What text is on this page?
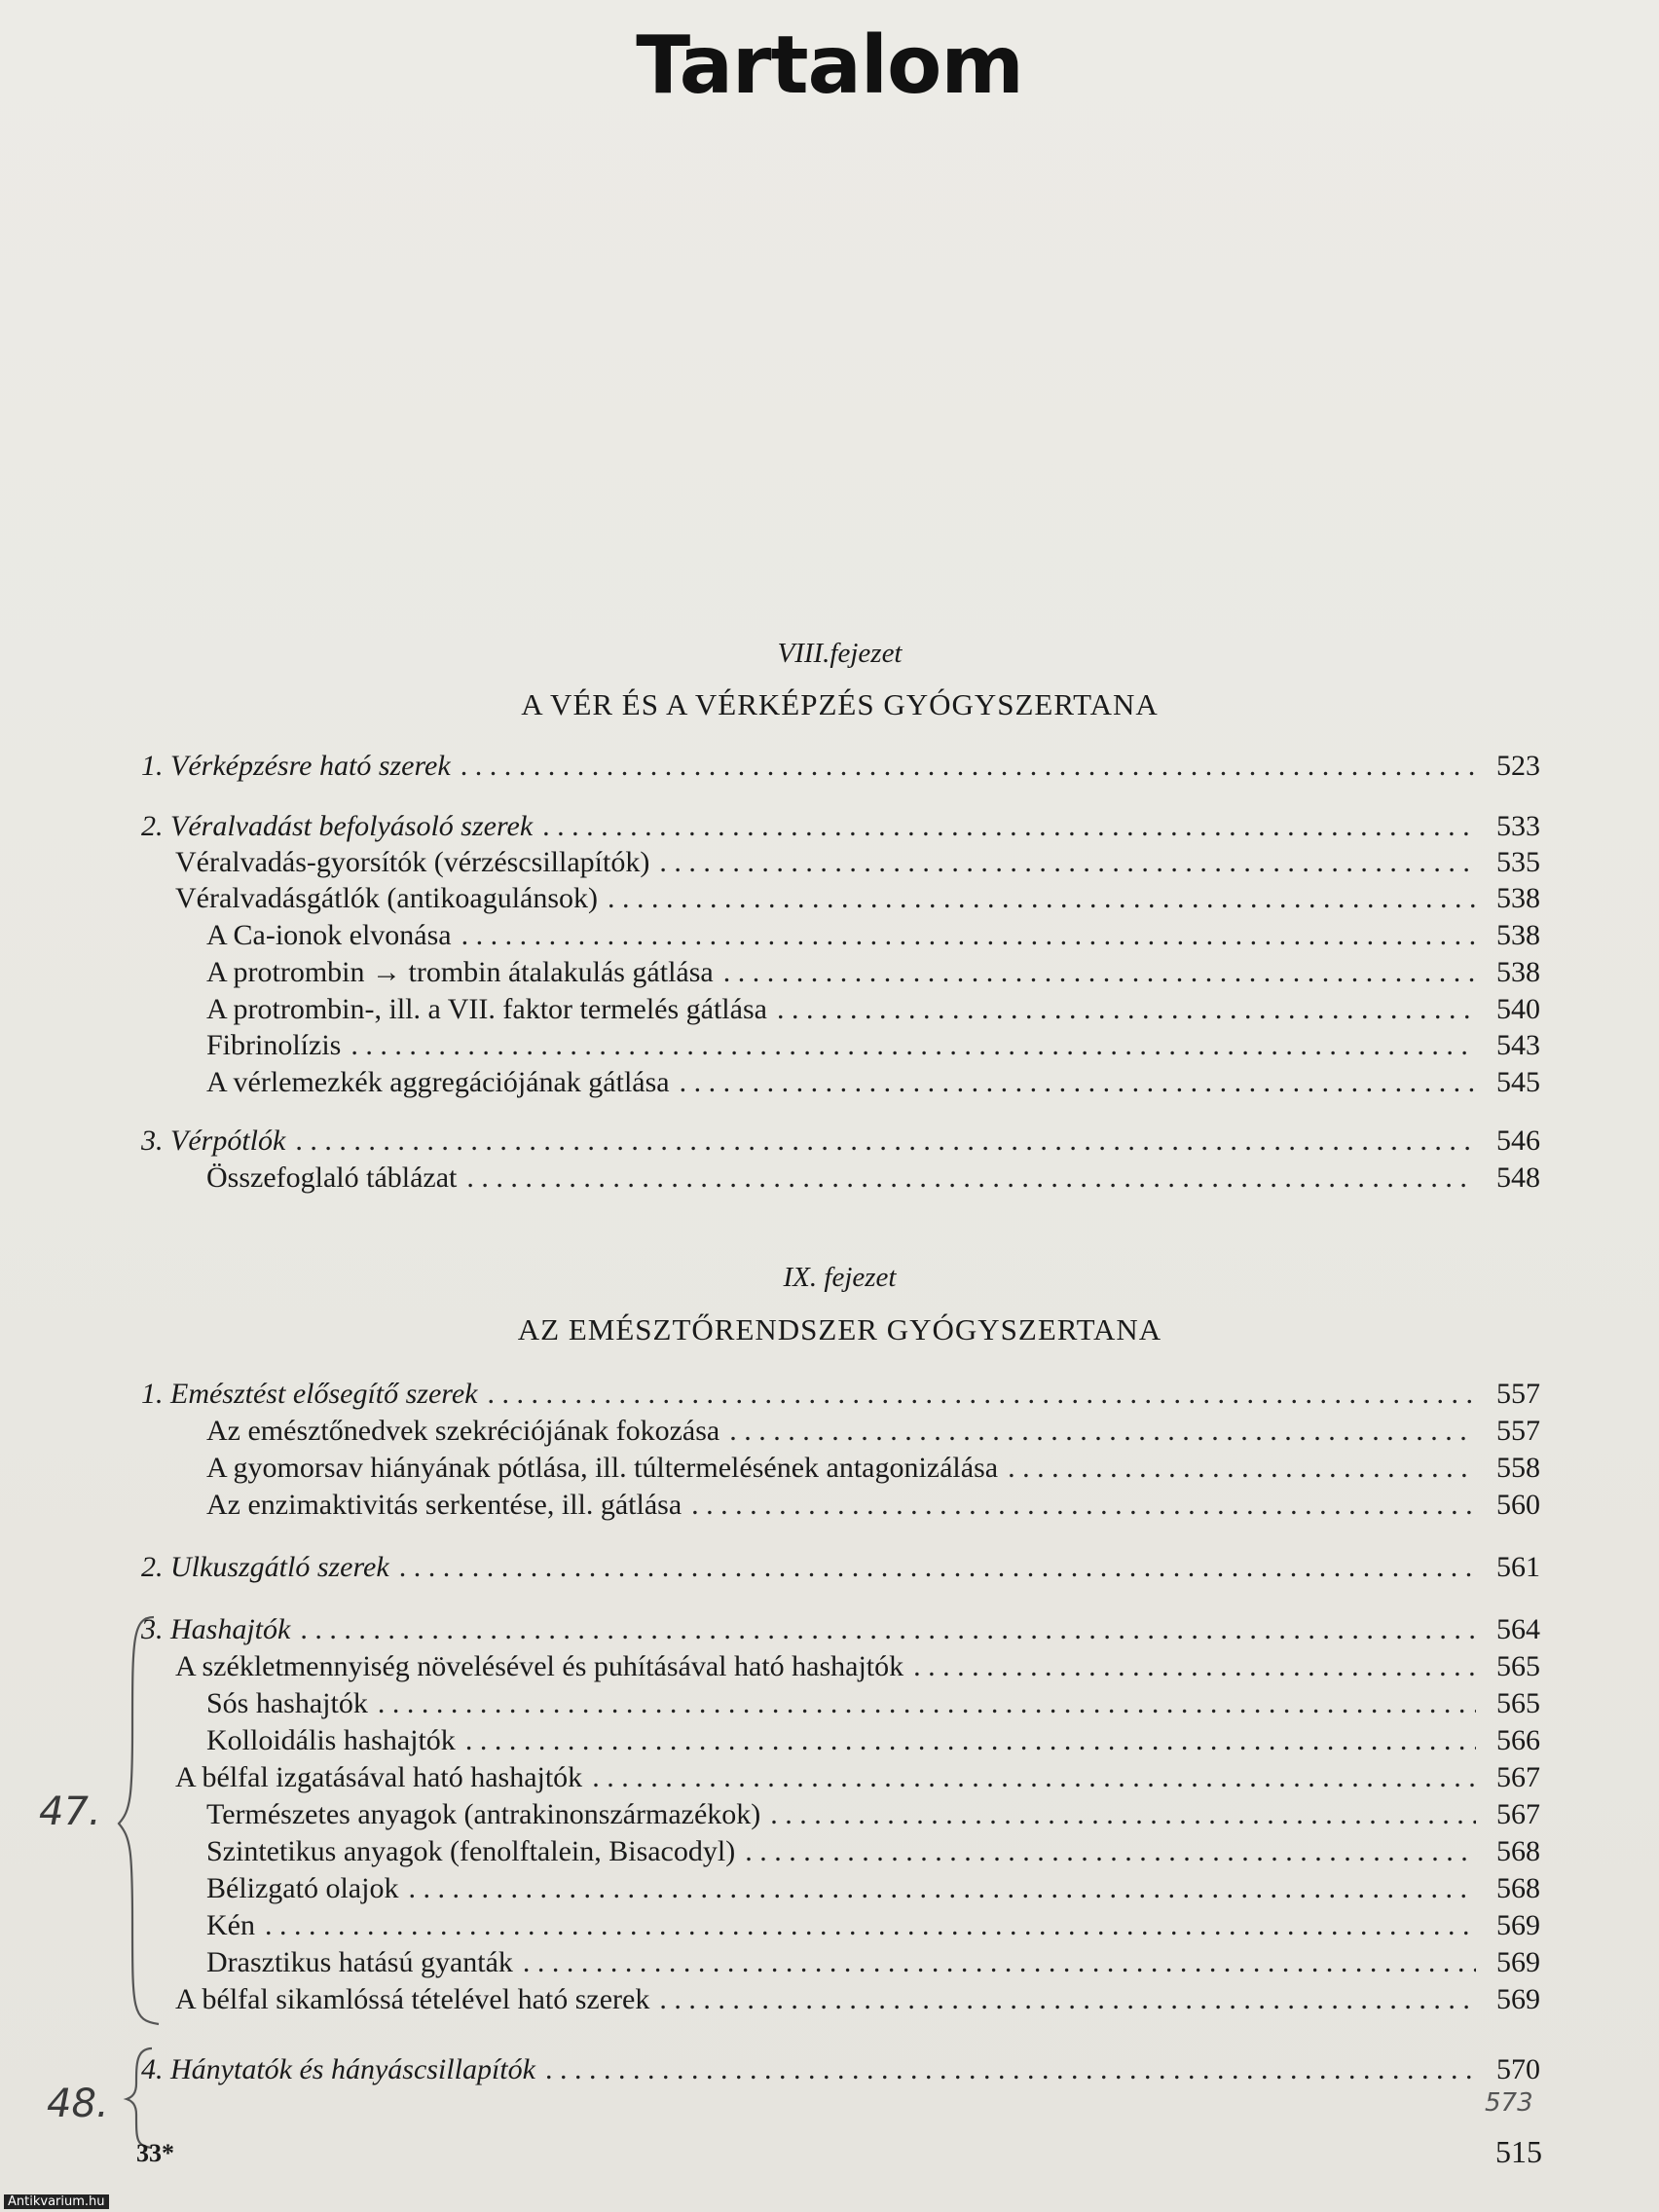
Tartalom
VIII.fejezet
A VÉR ÉS A VÉRKÉPZÉS GYÓGYSZERTANA
1. Vérképzésre ható szerek . . .	523
2. Véralvadást befolyásoló szerek . . .	533
Véralvadás-gyorsítók (vérzéscsillapítók) . . .	535
Véralvadásgátlók (antikoagulánsok) . . .	538
A Ca-ionok elvonása . . .	538
A protrombin → trombin átalakulás gátlása . . .	538
A protrombin-, ill. a VII. faktor termelés gátlása . . .	540
Fibrinolízis . . .	543
A vérlemezkék aggregációjának gátlása . . .	545
3. Vérpótlók . . .	546
Összefoglaló táblázat . . .	548
IX. fejezet
AZ EMÉSZTŐRENDSZER GYÓGYSZERTANA
1. Emésztést elősegítő szerek . . .	557
Az emésztőnedvek szekréciójának fokozása . . .	557
A gyomorsav hiányának pótlása, ill. túltermelésének antagonizálása . . .	558
Az enzimaktivitás serkentése, ill. gátlása . . .	560
2. Ulkuszgátló szerek . . .	561
3. Hashajtók . . .	564
A székletmennyiség növelésével és puhításával ható hashajtók . . .	565
Sós hashajtók . . .	565
Kolloidális hashajtók . . .	566
A bélfal izgatásával ható hashajtók . . .	567
Természetes anyagok (antrakinonszármazékok) . . .	567
Szintetikus anyagok (fenolftalein, Bisacodyl) . . .	568
Bélizgató olajok . . .	568
Kén . . .	569
Drasztikus hatású gyanták . . .	569
A bélfal sikamlóssá tételével ható szerek . . .	569
4. Hánytatók és hányáscsillapítók . . .	570
47.
48.	573
33*	515
Antikvarium.hu
